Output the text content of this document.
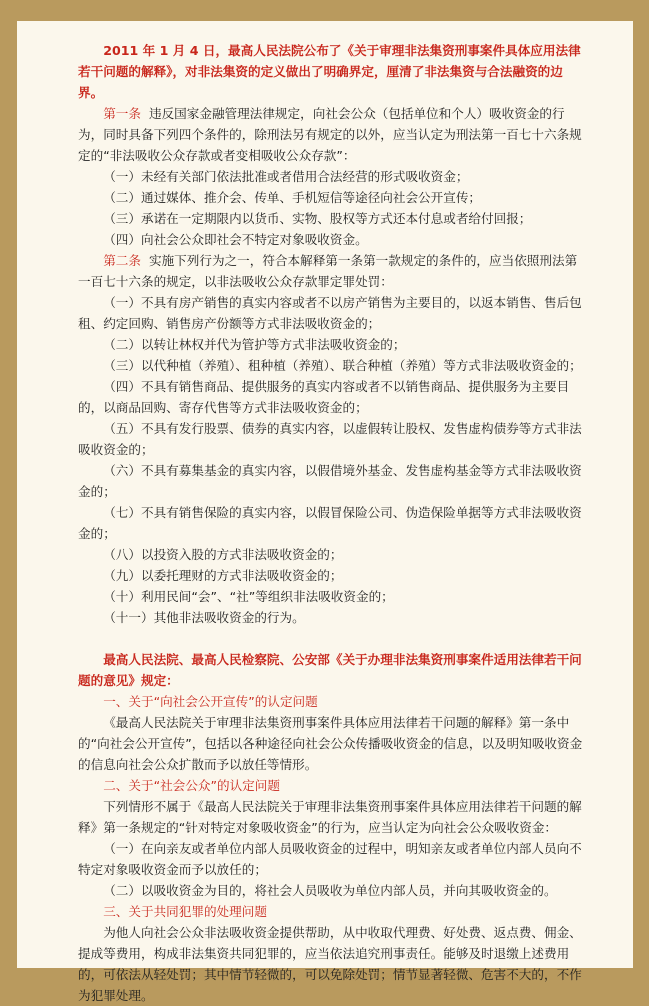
2011 年 1 月 4 日，最高人民法院公布了《关于审理非法集资刑事案件具体应用法律若干问题的解释》，对非法集资的定义做出了明确界定，厘清了非法集资与合法融资的边界。

第一条 违反国家金融管理法律规定，向社会公众（包括单位和个人）吸收资金的行为，同时具备下列四个条件的，除刑法另有规定的以外，应当认定为刑法第一百七十六条规定的“非法吸收公众存款或者变相吸收公众存款”：

（一）未经有关部门依法批准或者借用合法经营的形式吸收资金；

（二）通过媒体、推介会、传单、手机短信等途径向社会公开宣传；

（三）承诺在一定期限内以货币、实物、股权等方式还本付息或者给付回报；

（四）向社会公众即社会不特定对象吸收资金。

第二条 实施下列行为之一，符合本解释第一条第一款规定的条件的，应当依照刑法第一百七十六条的规定，以非法吸收公众存款罪定罪处罚：

（一）不具有房产销售的真实内容或者不以房产销售为主要目的，以返本销售、售后包租、约定回购、销售房产份额等方式非法吸收资金的；

（二）以转让林权并代为管护等方式非法吸收资金的；

（三）以代种植（养殖）、租种植（养殖）、联合种植（养殖）等方式非法吸收资金的；

（四）不具有销售商品、提供服务的真实内容或者不以销售商品、提供服务为主要目的，以商品回购、寄存代售等方式非法吸收资金的；

（五）不具有发行股票、债券的真实内容，以虚假转让股权、发售虚构债券等方式非法吸收资金的；

（六）不具有募集基金的真实内容，以假借境外基金、发售虚构基金等方式非法吸收资金的；

（七）不具有销售保险的真实内容，以假冒保险公司、伪造保险单据等方式非法吸收资金的；

（八）以投资入股的方式非法吸收资金的；

（九）以委托理财的方式非法吸收资金的；

（十）利用民间“会”、“社”等组织非法吸收资金的；

（十一）其他非法吸收资金的行为。

最高人民法院、最高人民检察院、公安部《关于办理非法集资刑事案件适用法律若干问题的意见》规定：

一、关于“向社会公开宣传”的认定问题

《最高人民法院关于审理非法集资刑事案件具体应用法律若干问题的解释》第一条中的“向社会公开宣传”，包括以各种途径向社会公众传播吸收资金的信息，以及明知吸收资金的信息向社会公众扩散而予以放任等情形。

二、关于“社会公众”的认定问题

下列情形不属于《最高人民法院关于审理非法集资刑事案件具体应用法律若干问题的解释》第一条规定的“针对特定对象吸收资金”的行为，应当认定为向社会公众吸收资金：

（一）在向亲友或者单位内部人员吸收资金的过程中，明知亲友或者单位内部人员向不特定对象吸收资金而予以放任的；

（二）以吸收资金为目的，将社会人员吸收为单位内部人员，并向其吸收资金的。

三、关于共同犯罪的处理问题

为他人向社会公众非法吸收资金提供帮助，从中收取代理费、好处费、返点费、佣金、提成等费用，构成非法集资共同犯罪的，应当依法追究刑事责任。能够及时退缴上述费用的，可依法从轻处罚；其中情节轻微的，可以免除处罚；情节显著轻微、危害不大的，不作为犯罪处理。
